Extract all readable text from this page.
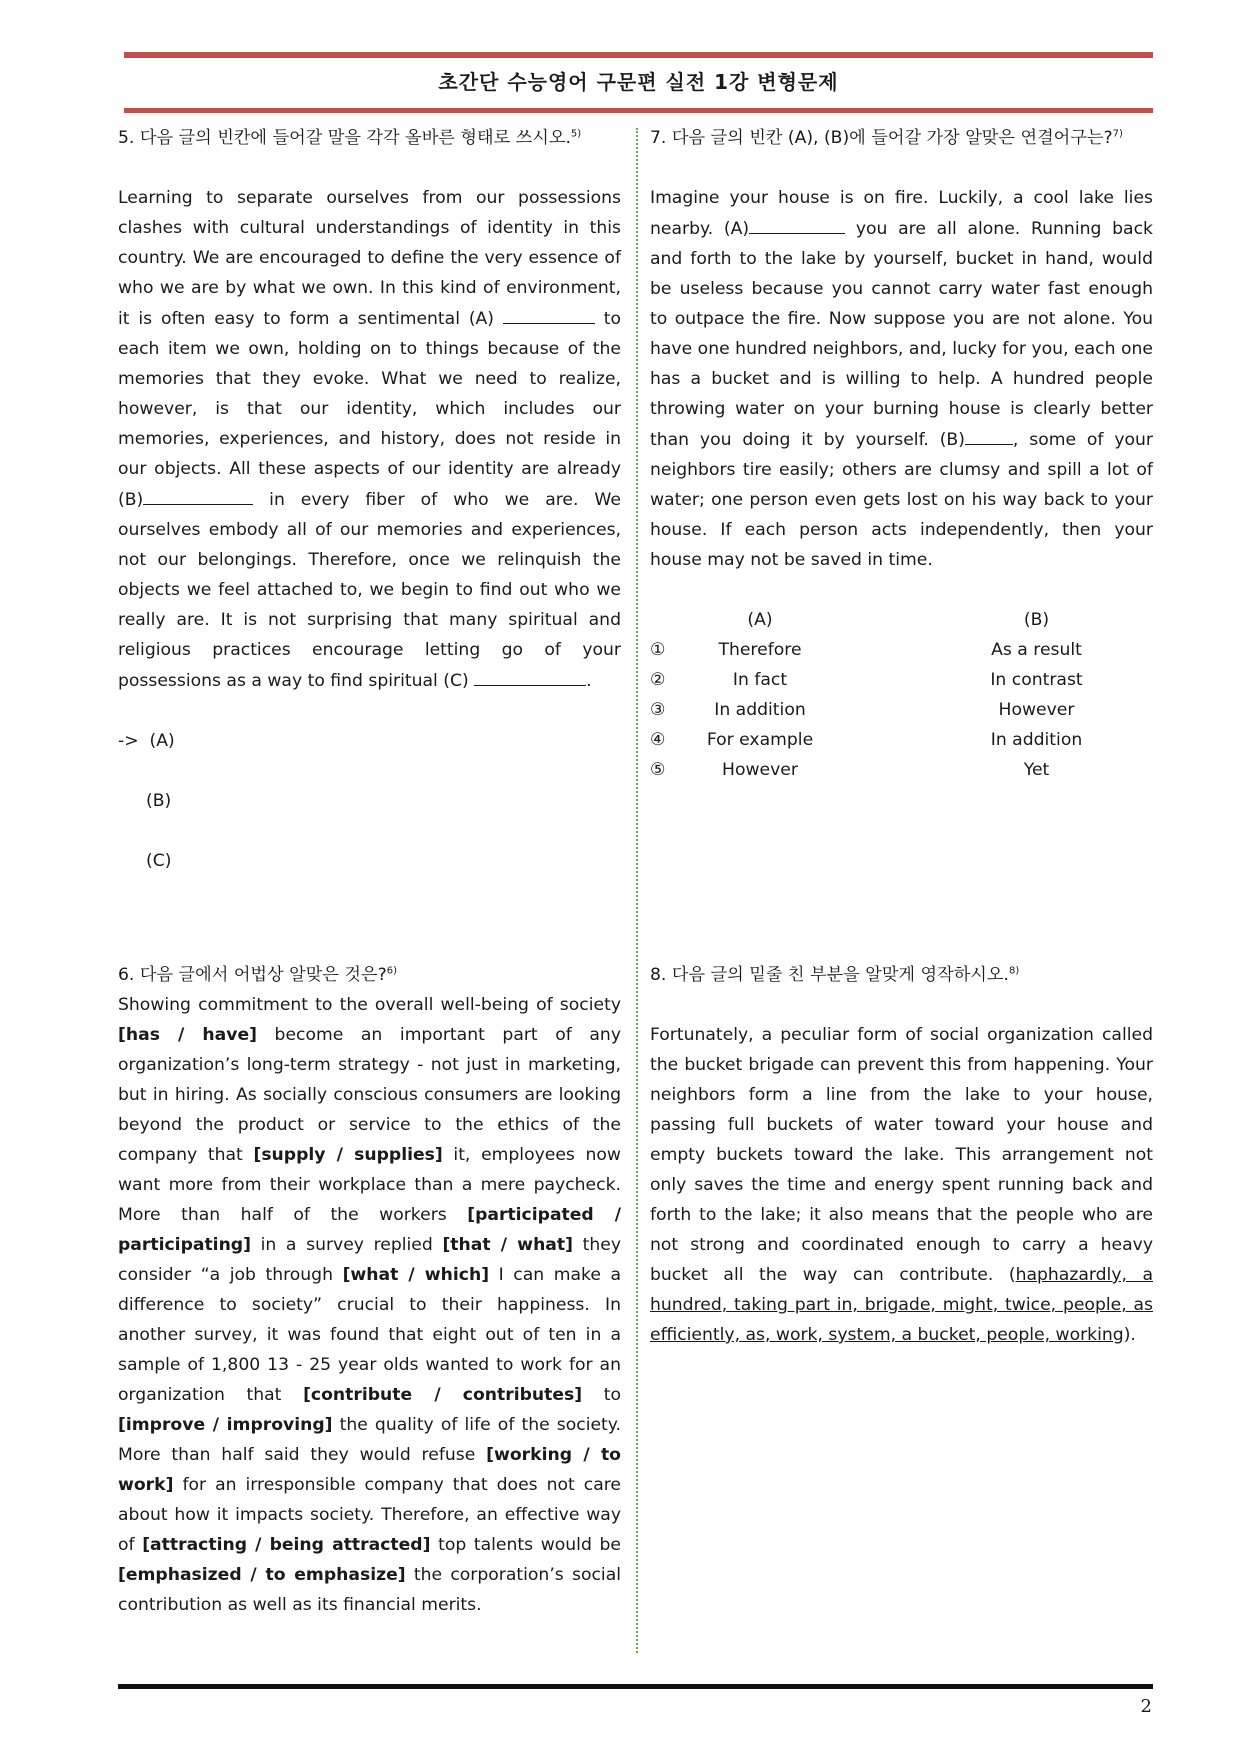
초간단 수능영어 구문편 실전 1강 변형문제

5. 다음 글의 빈칸에 들어갈 말을 각각 올바른 형태로 쓰시오.$^{5)}$

Learning to separate ourselves from our possessions clashes with cultural understandings of identity in this country. We are encouraged to define the very essence of who we are by what we own. In this kind of environment, it is often easy to form a sentimental (A)	to each item we own, holding on to things because of the memories that they evoke. What we need to realize, however, is that our identity, which includes our memories, experiences, and history, does not reside in our objects. All these aspects of our identity are already (B)	in every fiber of who we are. We ourselves embody all of our memories and experiences, not our belongings. Therefore, once we relinquish the objects we feel attached to, we begin to find out who we really are. It is not surprising that many spiritual and religious practices encourage letting go of your possessions as a way to find spiritual (C)	.

-> (A)
(B)
(C)

6. 다음 글에서 어법상 알맞은 것은?$^{6)}$

Showing commitment to the overall well-being of society [has / have] become an important part of any organization’s long-term strategy - not just in marketing, but in hiring. As socially conscious consumers are looking beyond the product or service to the ethics of the company that [supply / supplies] it, employees now want more from their workplace than a mere paycheck. More than half of the workers [participated / participating] in a survey replied [that / what] they consider “a job through [what / which] I can make a difference to society” crucial to their happiness. In another survey, it was found that eight out of ten in a sample of 1,800 13 - 25 year olds wanted to work for an organization that [contribute / contributes] to [improve / improving] the quality of life of the society. More than half said they would refuse [working / to work] for an irresponsible company that does not care about how it impacts society. Therefore, an effective way of [attracting / being attracted] top talents would be [emphasized / to emphasize] the corporation’s social contribution as well as its financial merits.

7. 다음 글의 빈칸 (A), (B)에 들어갈 가장 알맞은 연결어구는?$^{7)}$

Imagine your house is on fire. Luckily, a cool lake lies nearby. (A)	you are all alone. Running back and forth to the lake by yourself, bucket in hand, would be useless because you cannot carry water fast enough to outpace the fire. Now suppose you are not alone. You have one hundred neighbors, and, lucky for you, each one has a bucket and is willing to help. A hundred people throwing water on your burning house is clearly better than you doing it by yourself. (B)	, some of your neighbors tire easily; others are clumsy and spill a lot of water; one person even gets lost on his way back to your house. If each person acts independently, then your house may not be saved in time.

	(A)		(B)
①	Therefore		As a result
②	In fact		In contrast
③	In addition		However
④	For example		In addition
⑤	However		Yet

8. 다음 글의 밑줄 친 부분을 알맞게 영작하시오.$^{8)}$

Fortunately, a peculiar form of social organization called the bucket brigade can prevent this from happening. Your neighbors form a line from the lake to your house, passing full buckets of water toward your house and empty buckets toward the lake. This arrangement not only saves the time and energy spent running back and forth to the lake; it also means that the people who are not strong and coordinated enough to carry a heavy bucket all the way can contribute. (haphazardly, a hundred, taking part in, brigade, might, twice, people, as efficiently, as, work, system, a bucket, people, working).

2
